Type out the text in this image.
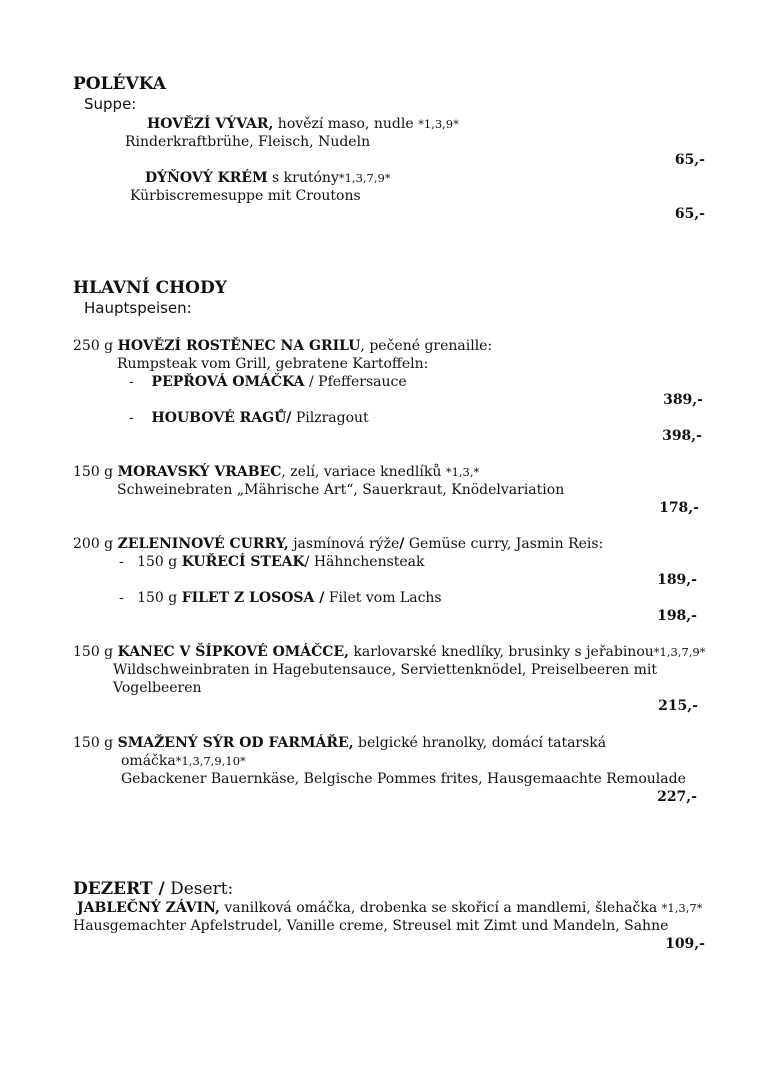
POLÉVKA
Suppe:
HOVĚZÍ VÝVAR, hovězí maso, nudle *1,3,9*
Rinderkraftbrühe, Fleisch, Nudeln
65,-
DÝŇOVÝ KRÉM s krutóny*1,3,7,9*
Kürbiscremesuppe mit Croutons
65,-
HLAVNÍ CHODY
Hauptspeisen:
250 g HOVĚZÍ ROSTĚNEC NA GRILU, pečené grenaille:
Rumpsteak vom Grill, gebratene Kartoffeln:
- PEPŘOVÁ OMÁČKA / Pfeffersauce
389,-
- HOUBOVÉ RAGŮ/ Pilzragout
398,-
150 g MORAVSKÝ VRABEC, zelí, variace knedlíků *1,3,*
Schweinebraten „Mährische Art“, Sauerkraut, Knödelvariation
178,-
200 g ZELENINOVÉ CURRY, jasmínová rýže/ Gemüse curry, Jasmin Reis:
- 150 g KUŘECÍ STEAK/ Hähnchensteak
189,-
- 150 g FILET Z LOSOSA / Filet vom Lachs
198,-
150 g KANEC V ŠÍPKOVÉ OMÁČCE, karlovarské knedlíky, brusinky s jeřabinou*1,3,7,9*
Wildschweinbraten in Hagebutensauce, Serviettenknödel, Preiselbeeren mit
Vogelbeeren
215,-
150 g SMAŽENÝ SÝR OD FARMÁŘE, belgické hranolky, domácí tatarská
omáčka*1,3,7,9,10*
Gebackener Bauernkäse, Belgische Pommes frites, Hausgemaachte Remoulade
227,-
DEZERT / Desert:
JABLEČNÝ ZÁVIN, vanilková omáčka, drobenka se skořicí a mandlemi, šlehačka *1,3,7*
Hausgemachter Apfelstrudel, Vanille creme, Streusel mit Zimt und Mandeln, Sahne
109,-
